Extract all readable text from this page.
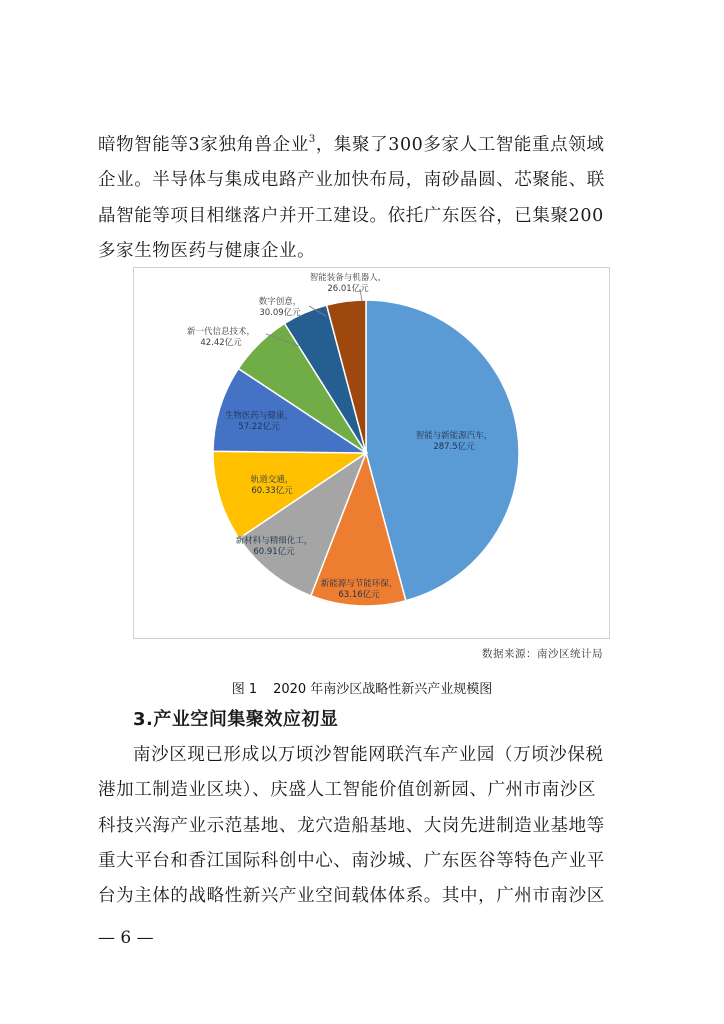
暗物智能等3家独角兽企业$^3$，集聚了300多家人工智能重点领域
企业。半导体与集成电路产业加快布局，南砂晶圆、芯聚能、联
晶智能等项目相继落户并开工建设。依托广东医谷，已集聚200
多家生物医药与健康企业。
智能与新能源汽车， 287.5亿元
新能源与节能环保， 63.16亿元
新材料与精细化工， 60.91亿元
轨道交通， 60.33亿元
生物医药与健康， 57.22亿元
新一代信息技术， 42.42亿元
数字创意， 30.09亿元
智能装备与机器人， 26.01亿元

数据来源：南沙区统计局

图 1 2020 年南沙区战略性新兴产业规模图

3.产业空间集聚效应初显
南沙区现已形成以万顷沙智能网联汽车产业园（万顷沙保税
港加工制造业区块）、庆盛人工智能价值创新园、广州市南沙区
科技兴海产业示范基地、龙穴造船基地、大岗先进制造业基地等
重大平台和香江国际科创中心、南沙城、广东医谷等特色产业平
台为主体的战略性新兴产业空间载体体系。其中，广州市南沙区

— 6 —
